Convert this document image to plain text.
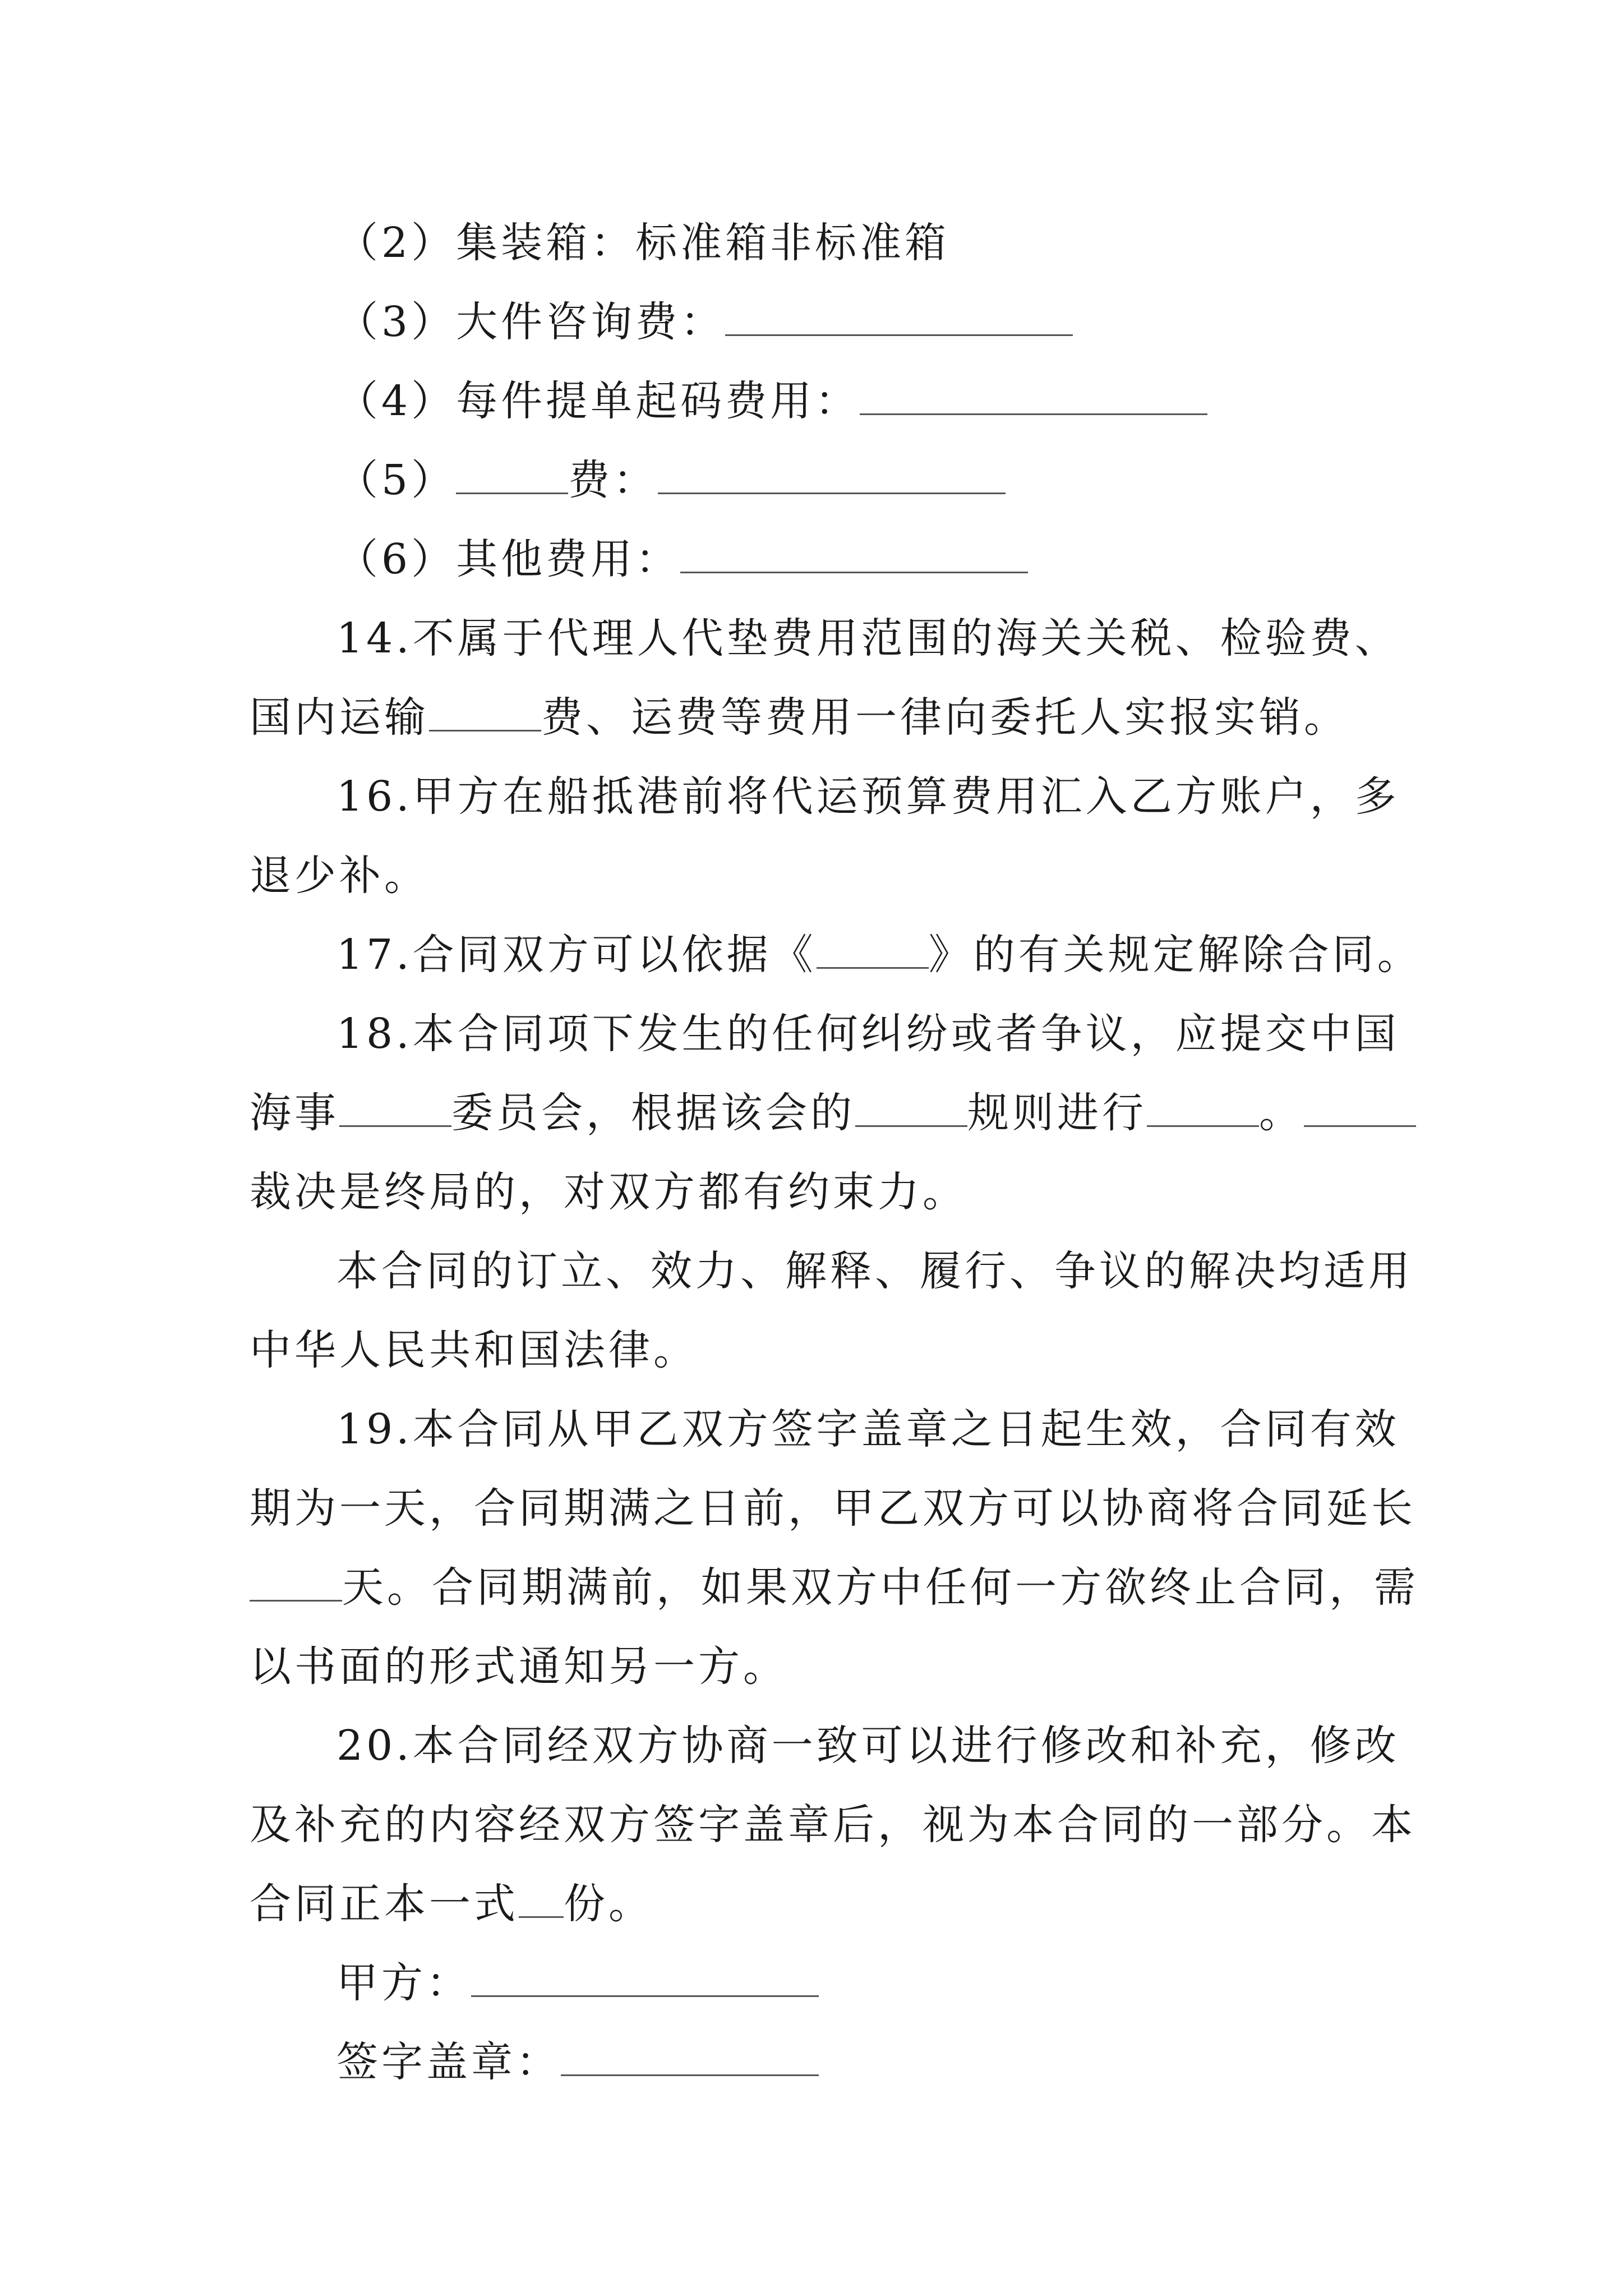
（2）集装箱：标准箱非标准箱
（3）大件咨询费：
（4）每件提单起码费用：
（5）	费：
（6）其他费用：
14.不属于代理人代垫费用范围的海关关税、检验费、
国内运输	费、运费等费用一律向委托人实报实销。
16.甲方在船抵港前将代运预算费用汇入乙方账户，多
退少补。
17.合同双方可以依据《	》的有关规定解除合同。
18.本合同项下发生的任何纠纷或者争议，应提交中国
海事	委员会，根据该会的	规则进行	。
裁决是终局的，对双方都有约束力。
本合同的订立、效力、解释、履行、争议的解决均适用
中华人民共和国法律。
19.本合同从甲乙双方签字盖章之日起生效，合同有效
期为一天，合同期满之日前，甲乙双方可以协商将合同延长
天。合同期满前，如果双方中任何一方欲终止合同，需
以书面的形式通知另一方。
20.本合同经双方协商一致可以进行修改和补充，修改
及补充的内容经双方签字盖章后，视为本合同的一部分。本
合同正本一式 份。
甲方：
签字盖章：
